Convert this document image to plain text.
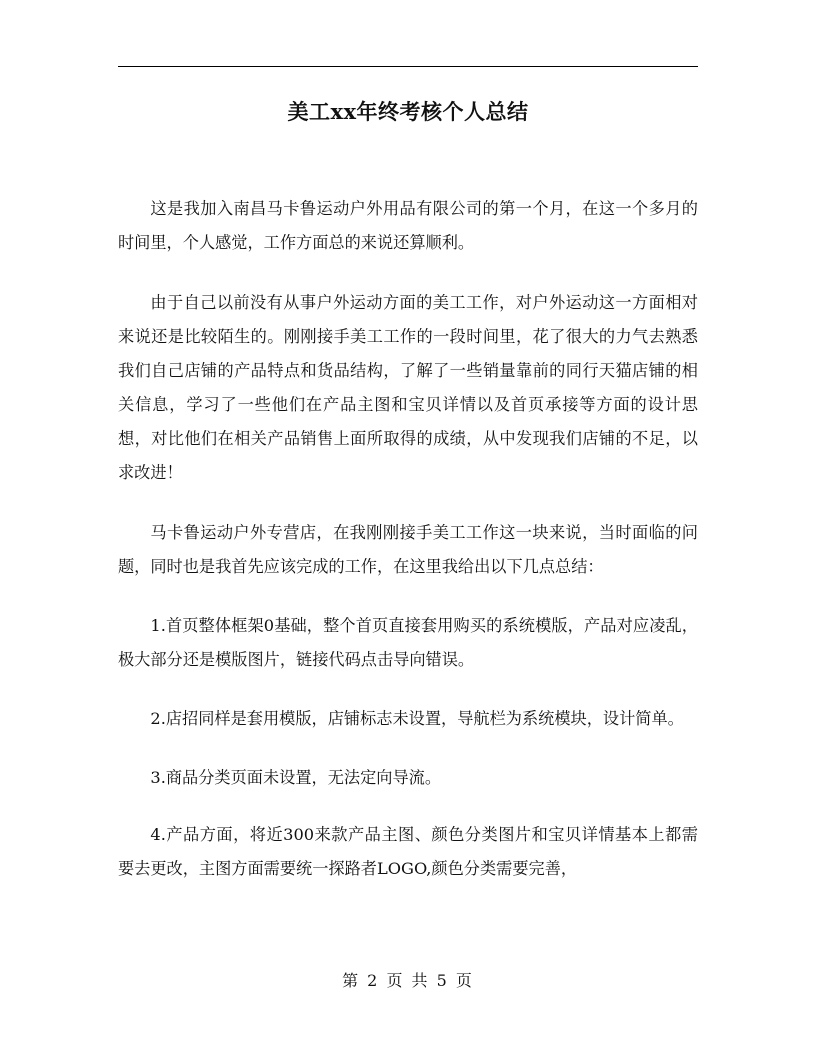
美工xx年终考核个人总结

这是我加入南昌马卡鲁运动户外用品有限公司的第一个月，在这一个多月的时间里，个人感觉，工作方面总的来说还算顺利。

由于自己以前没有从事户外运动方面的美工工作，对户外运动这一方面相对来说还是比较陌生的。刚刚接手美工工作的一段时间里，花了很大的力气去熟悉我们自己店铺的产品特点和货品结构，了解了一些销量靠前的同行天猫店铺的相关信息，学习了一些他们在产品主图和宝贝详情以及首页承接等方面的设计思想，对比他们在相关产品销售上面所取得的成绩，从中发现我们店铺的不足，以求改进！

马卡鲁运动户外专营店，在我刚刚接手美工工作这一块来说，当时面临的问题，同时也是我首先应该完成的工作，在这里我给出以下几点总结：

1.首页整体框架0基础，整个首页直接套用购买的系统模版，产品对应凌乱，极大部分还是模版图片，链接代码点击导向错误。

2.店招同样是套用模版，店铺标志未设置，导航栏为系统模块，设计简单。

3.商品分类页面未设置，无法定向导流。

4.产品方面，将近300来款产品主图、颜色分类图片和宝贝详情基本上都需要去更改，主图方面需要统一探路者LOGO,颜色分类需要完善，

第 2 页 共 5 页
